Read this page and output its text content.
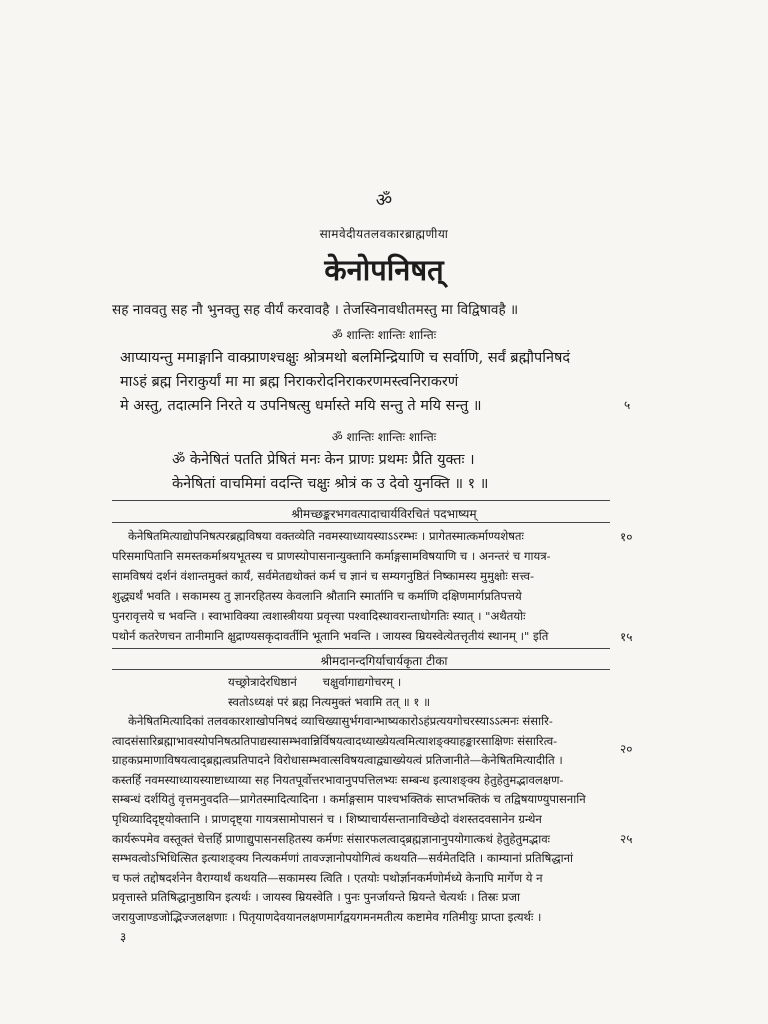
ॐ
सामवेदीयतलवकारब्राह्मणीया
केनोपनिषत्
सह नाववतु सह नौ भुनक्तु सह वीर्यं करवावहै । तेजस्विनावधीतमस्तु मा विद्विषावहै ॥
ॐ शान्तिः शान्तिः शान्तिः
आप्यायन्तु ममाङ्गानि वाक्प्राणश्चक्षुः श्रोत्रमथो बलमिन्द्रियाणि च सर्वाणि, सर्वं ब्रह्मौपनिषदं
माऽहं ब्रह्म निराकुर्यां मा मा ब्रह्म निराकरोदनिराकरणमस्त्वनिराकरणं
मे अस्तु, तदात्मनि निरते य उपनिषत्सु धर्मास्ते मयि सन्तु ते मयि सन्तु ॥
ॐ शान्तिः शान्तिः शान्तिः
ॐ केनेषितं पतति प्रेषितं मनः केन प्राणः प्रथमः प्रैति युक्तः ।
केनेषितां वाचमिमां वदन्ति चक्षुः श्रोत्रं क उ देवो युनक्ति ॥ १ ॥
श्रीमच्छङ्करभगवत्पादाचार्यविरचितं पदभाष्यम्
केनेषितमित्याद्योपनिषत्परब्रह्मविषया वक्तव्येति नवमस्याध्यायस्याऽऽरम्भः । प्रागेतस्मात्कर्माण्यशेषतः
परिसमापितानि समस्तकर्माश्रयभूतस्य च प्राणस्योपासनान्युक्तानि कर्माङ्गसामविषयाणि च । अनन्तरं च गायत्र-
सामविषयं दर्शनं वंशान्तमुक्तं कार्यं, सर्वमेतद्यथोक्तं कर्म च ज्ञानं च सम्यगनुष्ठितं निष्कामस्य मुमुक्षोः सत्त्व-
शुद्ध्यर्थं भवति । सकामस्य तु ज्ञानरहितस्य केवलानि श्रौतानि स्मार्तानि च कर्माणि दक्षिणमार्गप्रतिपत्तये
पुनरावृत्तये च भवन्ति । स्वाभाविक्या त्वशास्त्रीयया प्रवृत्त्या पश्वादिस्थावरान्ताधोगतिः स्यात् । "अथैतयोः
पथोर्न कतरेणचन तानीमानि क्षुद्राण्यसकृदावर्तीनि भूतानि भवन्ति । जायस्व म्रियस्वेत्येतत्तृतीयं स्थानम् ।" इति
श्रीमदानन्दगिर्याचार्यकृता टीका
यच्छ्रोत्रादेरधिष्ठानं       चक्षुर्वागाद्यगोचरम् ।
स्वतोऽध्यक्षं परं ब्रह्म नित्यमुक्तं भवामि तत् ॥ १ ॥
केनेषितमित्यादिकां तलवकारशाखोपनिषदं व्याचिख्यासुर्भगवान्भाष्यकारोऽहंप्रत्ययगोचरस्याऽऽत्मनः संसारि-
त्वादसंसारिब्रह्माभावस्योपनिषत्प्रतिपाद्यस्यासम्भवान्निर्विषयत्वादध्याख्येयत्वमित्याशङ्क्याहङ्कारसाक्षिणः संसारित्व-
ग्राहकप्रमाणाविषयत्वाद्ब्रह्मत्वप्रतिपादने विरोधासम्भवात्सविषयत्वाद्व्याख्येयत्वं प्रतिजानीते—केनेषितमित्यादीति ।
कस्तर्हि नवमस्याध्यायस्याष्टाध्याय्या सह नियतपूर्वोत्तरभावानुपपत्तिलभ्यः सम्बन्ध इत्याशङ्क्य हेतुहेतुमद्भावलक्षण-
सम्बन्धं दर्शयितुं वृत्तमनुवदति—प्रागेतस्मादित्यादिना । कर्माङ्गसाम पाश्चभक्तिकं साप्तभक्तिकं च तद्विषयाण्युपासनानि
पृथिव्यादिदृष्ट्योक्तानि । प्राणदृष्ट्या गायत्रसामोपासनं च । शिष्याचार्यसन्तानाविच्छेदो वंशस्तदवसानेन ग्रन्थेन
कार्यरूपमेव वस्तूक्तं चेत्तर्हि प्राणाद्युपासनसहितस्य कर्मणः संसारफलत्वाद्ब्रह्मज्ञानानुपयोगात्कथं हेतुहेतुमद्भावः
सम्भवत्वोऽभिधित्सित इत्याशङ्क्य नित्यकर्मणां तावज्ज्ञानोपयोगित्वं कथयति—सर्वमेतदिति । काम्यानां प्रतिषिद्धानां
च फलं तद्दोषदर्शनेन वैराग्यार्थं कथयति—सकामस्य त्विति । एतयोः पथोर्ज्ञानकर्मणोर्मध्ये केनापि मार्गेण ये न
प्रवृत्तास्ते प्रतिषिद्धानुष्ठायिन इत्यर्थः । जायस्व म्रियस्वेति । पुनः पुनर्जायन्ते म्रियन्ते चेत्यर्थः । तिस्रः प्रजा
जरायुजाण्डजोद्भिज्जलक्षणाः । पितृयाणदेवयानलक्षणमार्गद्वयगमनमतीत्य कष्टामेव गतिमीयुः प्राप्ता इत्यर्थः ।
५
१०
१५
२०
२५
३
